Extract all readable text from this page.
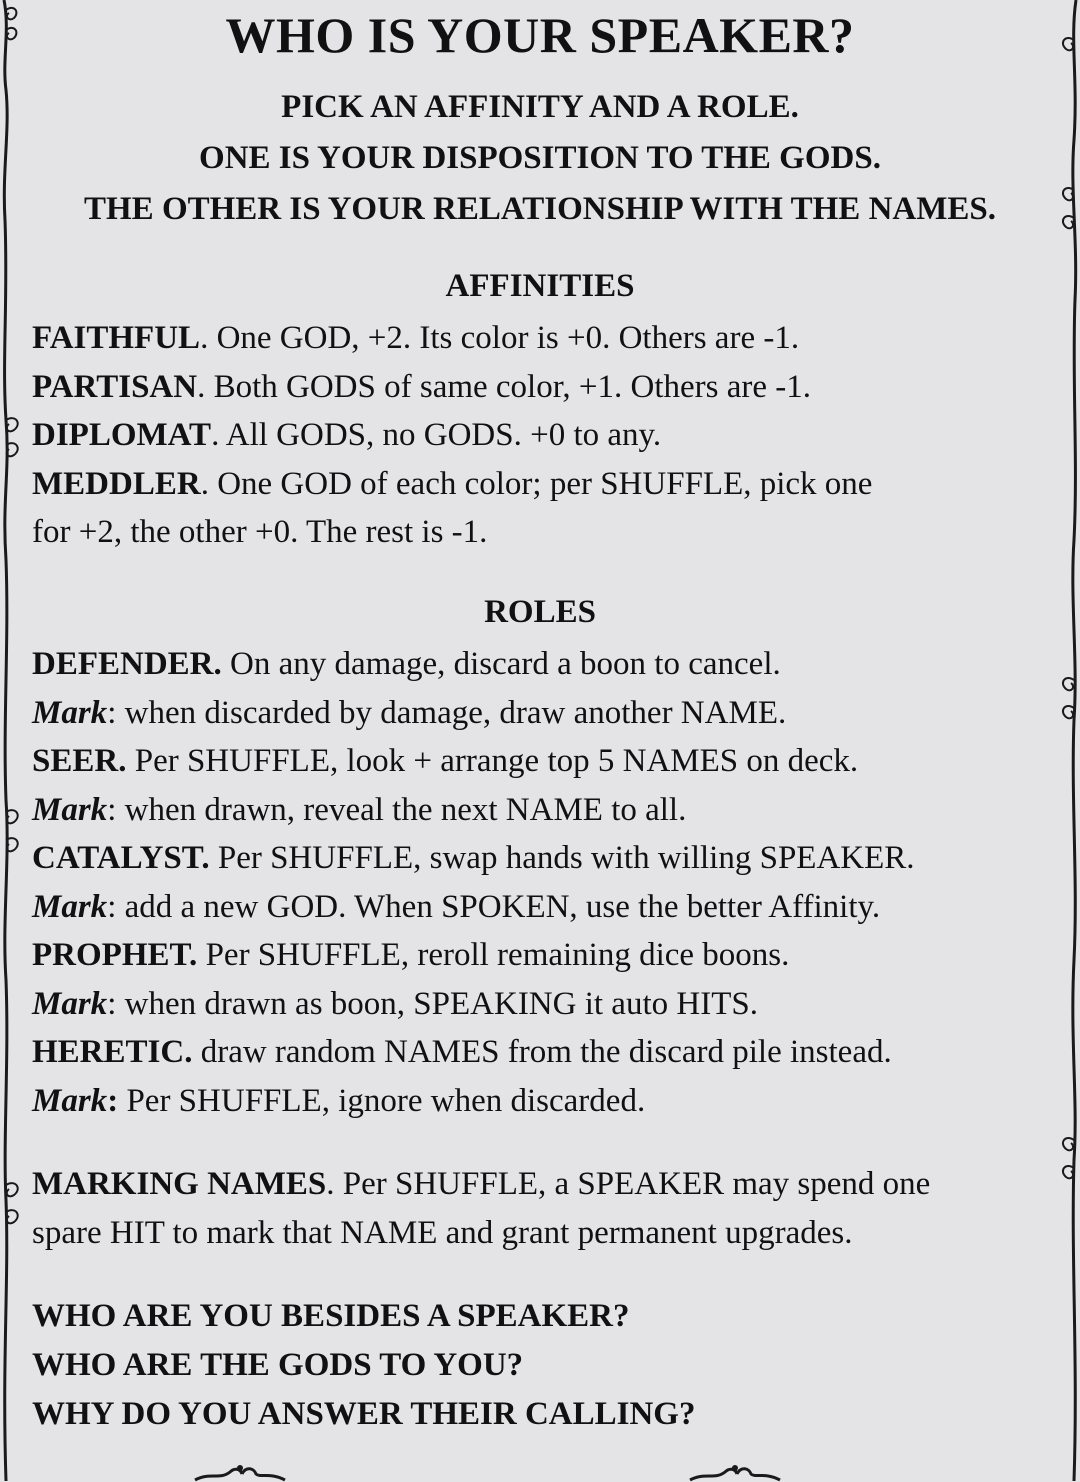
WHO IS YOUR SPEAKER?
PICK AN AFFINITY AND A ROLE.
ONE IS YOUR DISPOSITION TO THE GODS.
THE OTHER IS YOUR RELATIONSHIP WITH THE NAMES.
AFFINITIES
FAITHFUL. One GOD, +2. Its color is +0. Others are -1.
PARTISAN. Both GODS of same color, +1. Others are -1.
DIPLOMAT. All GODS, no GODS. +0 to any.
MEDDLER. One GOD of each color; per SHUFFLE, pick one
for +2, the other +0. The rest is -1.
ROLES
DEFENDER. On any damage, discard a boon to cancel.
Mark: when discarded by damage, draw another NAME.
SEER. Per SHUFFLE, look + arrange top 5 NAMES on deck.
Mark: when drawn, reveal the next NAME to all.
CATALYST. Per SHUFFLE, swap hands with willing SPEAKER.
Mark: add a new GOD. When SPOKEN, use the better Affinity.
PROPHET. Per SHUFFLE, reroll remaining dice boons.
Mark: when drawn as boon, SPEAKING it auto HITS.
HERETIC. draw random NAMES from the discard pile instead.
Mark: Per SHUFFLE, ignore when discarded.
MARKING NAMES. Per SHUFFLE, a SPEAKER may spend one
spare HIT to mark that NAME and grant permanent upgrades.
WHO ARE YOU BESIDES A SPEAKER?
WHO ARE THE GODS TO YOU?
WHY DO YOU ANSWER THEIR CALLING?
